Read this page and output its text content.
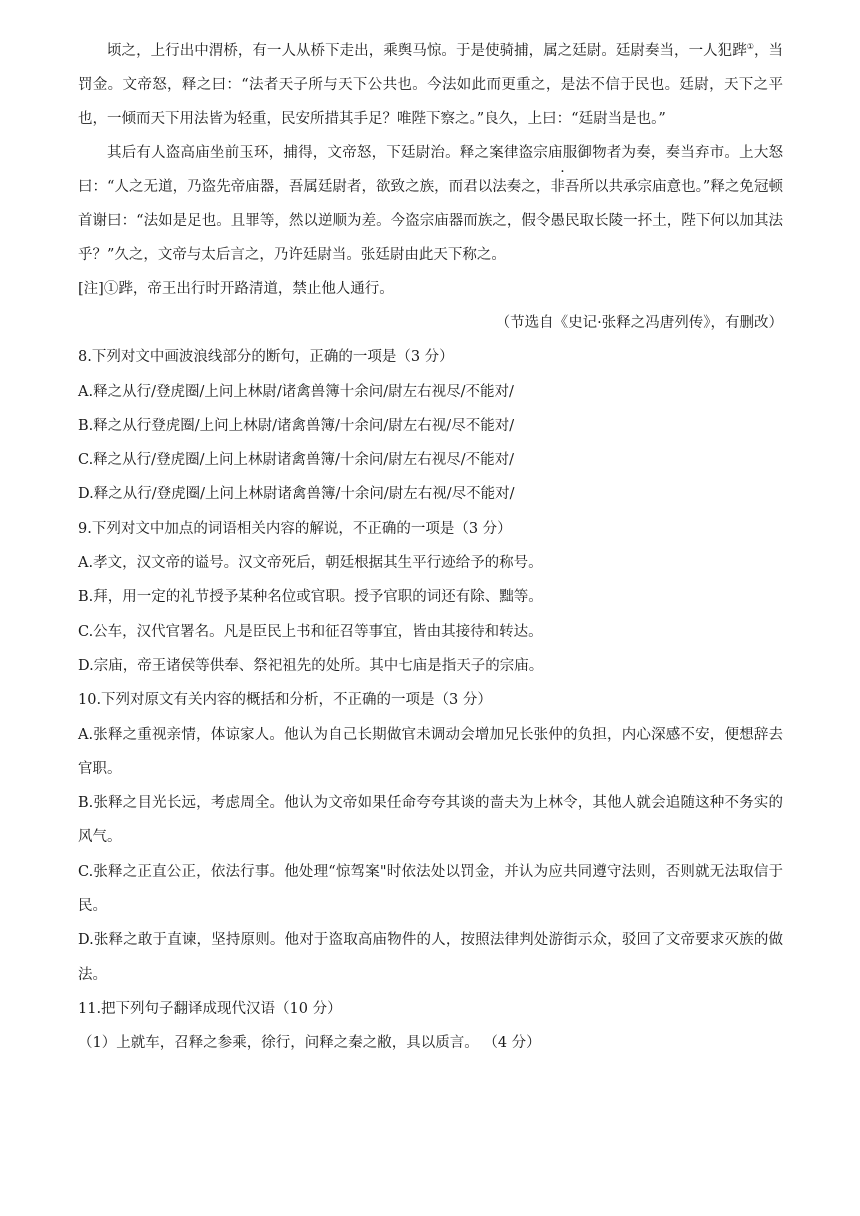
顷之，上行出中渭桥，有一人从桥下走出，乘舆马惊。于是使骑捕，属之廷尉。廷尉奏当，一人犯跸①，当罚金。文帝怒，释之曰：“法者天子所与天下公共也。今法如此而更重之，是法不信于民也。廷尉，天下之平也，一倾而天下用法皆为轻重，民安所措其手足？唯陛下察之。”良久，上曰：“廷尉当是也。”

其后有人盗高庙坐前玉环，捕得，文帝怒，下廷尉治。释之案律盗宗庙服御物者为奏，奏当弃市。上大怒曰：“人之无道，乃盗先帝庙器，吾属廷尉者，欲致之族，而君以法奏之，非吾所以共承宗庙意也。”释之免冠顿首谢曰：“法如是足也。且罪等，然以逆顺为差。今盗宗庙器而族之，假令愚民取长陵一抔土，陛下何以加其法乎？”久之，文帝与太后言之，乃许廷尉当。张廷尉由此天下称之。

[注]①跸，帝王出行时开路清道，禁止他人通行。

（节选自《史记·张释之冯唐列传》，有删改）

8.下列对文中画波浪线部分的断句，正确的一项是（3 分）

A.释之从行/登虎圈/上问上林尉/诸禽兽簿十余问/尉左右视尽/不能对/

B.释之从行登虎圈/上问上林尉/诸禽兽簿/十余问/尉左右视/尽不能对/

C.释之从行/登虎圈/上问上林尉诸禽兽簿/十余问/尉左右视尽/不能对/

D.释之从行/登虎圈/上问上林尉诸禽兽簿/十余问/尉左右视/尽不能对/

9.下列对文中加点的词语相关内容的解说，不正确的一项是（3 分）

A.孝文，汉文帝的谥号。汉文帝死后，朝廷根据其生平行迹给予的称号。

B.拜，用一定的礼节授予某种名位或官职。授予官职的词还有除、黜等。

C.公车，汉代官署名。凡是臣民上书和征召等事宜，皆由其接待和转达。

D.宗庙，帝王诸侯等供奉、祭祀祖先的处所。其中七庙是指天子的宗庙。

10.下列对原文有关内容的概括和分析，不正确的一项是（3 分）

A.张释之重视亲情，体谅家人。他认为自己长期做官未调动会增加兄长张仲的负担，内心深感不安，便想辞去官职。

B.张释之目光长远，考虑周全。他认为文帝如果任命夸夸其谈的啬夫为上林令，其他人就会追随这种不务实的风气。

C.张释之正直公正，依法行事。他处理“惊驾案"时依法处以罚金，并认为应共同遵守法则，否则就无法取信于民。

D.张释之敢于直谏，坚持原则。他对于盗取高庙物件的人，按照法律判处游街示众，驳回了文帝要求灭族的做法。

11.把下列句子翻译成现代汉语（10 分）

（1）上就车，召释之参乘，徐行，问释之秦之敝，具以质言。 （4 分）
